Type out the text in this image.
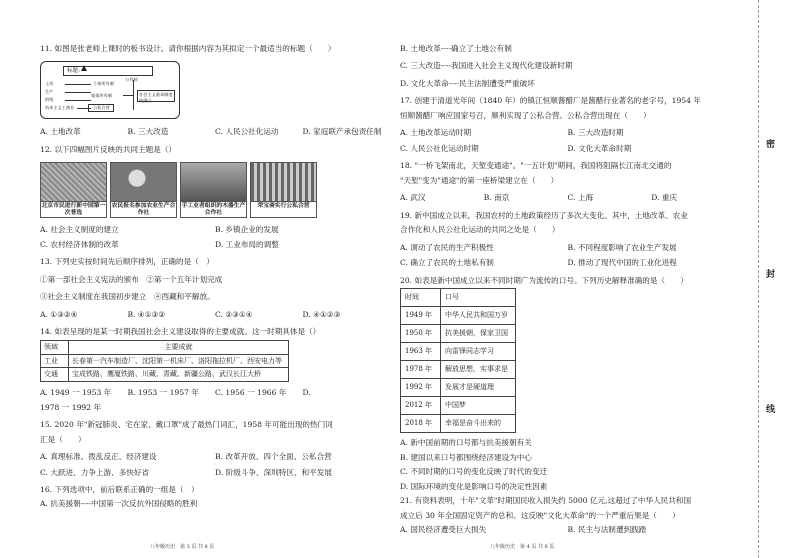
11. 如图是张老师上课时的板书设计。请你根据内容为其拟定一个最适当的标题（　　）
标题：
土改
生产
阶级
资本主义工商业
个体所有制
集体所有制
公私合营
公有制
社会主义基本制度的确立
A. 土地改革	B. 三大改造	C. 人民公社化运动	D. 家庭联产承包责任制
12. 以下四幅图片反映的共同主题是（）
北京市民进行新中国第一次普选
农民报名参加农业生产合作社
手工业者组织的木器生产合作社
荣宝斋实行公私合营
A. 社会主义制度的建立	B. 乡镇企业的发展
C. 农村经济体制的改革	D. 工业布局的调整
13. 下列史实按时间先后顺序排列，正确的是（　）
①第一部社会主义宪法的颁布　②第一个五年计划完成
③社会主义制度在我国初步建立　④西藏和平解放。
A. ①③②④	B. ④①③②	C. ②③①④	D. ④①②③
14. 如表呈现的是某一时期我国社会主义建设取得的主要成就。这一时期具体是（）
领域	主要成就
工业	长春第一汽车制造厂、沈阳第一机床厂、洛阳拖拉机厂、西安电力等
交通	宝成铁路、鹰厦铁路、川藏、青藏、新疆公路、武汉长江大桥
A. 1949 一 1953 年	B. 1953 一 1957 年	C. 1956 一 1966 年	D.
1978 一 1992 年
15. 2020 年"新冠肺炎、宅在家、戴口罩"成了最热门词汇，1958 年可能出现的热门词
汇是（　　）
A. 真理标准、拨乱反正、经济建设	B. 改革开放、四个全面、公私合营
C. 大跃进、力争上游、多快好省	D. 阶级斗争、深圳特区、和平发展
16. 下列选项中，前后联系正确的一组是（　）
A. 抗美援朝----中国第一次反抗外国侵略的胜利
八年级历史　第 3 页 共 8 页
B. 土地改革----确立了土地公有制
C. 三大改造----我国进入社会主义现代化建设新时期
D. 文化大革命----民主法制遭受严重破坏
17. 创建于清道光年间（1840 年）的镇江恒顺酱醋厂是酱醋行业著名的老字号，1954 年
恒顺酱醋厂响应国家号召，顺利实现了公私合营。公私合营出现在（　　）
A. 土地改革运动时期	B. 三大改造时期
C. 人民公社化运动时期	D. 文化大革命时期
18. "一桥飞架南北，天堑变通途"。"一五计划"期间，我国将阻隔长江南北交通的
"天堑"变为"通途"的第一座桥梁建立在（　　）
A. 武汉	B. 南京	C. 上海	D. 重庆
19. 新中国成立以来，我国农村的土地政策经历了多次大变化。其中，土地改革、农业
合作化和人民公社化运动的共同之处是（　　）
A. 调动了农民的生产积极性	B. 不同程度影响了农业生产发展
C. 确立了农民的土地私有制	D. 推动了现代中国的工业化进程
20. 如表是新中国成立以来不同时期广为流传的口号。下列历史解释准确的是（　　）
时间	口号
1949 年	中华人民共和国万岁
1950 年	抗美援朝，保家卫国
1963 年	向雷锋同志学习
1978 年	解放思想，实事求是
1992 年	发展才是硬道理
2012 年	中国梦
2018 年	幸福是奋斗出来的
A. 新中国前期的口号都与抗美援朝有关
B. 建国以来口号都围绕经济建设为中心
C. 不同时期的口号的变化反映了时代的变迁
D. 国际环境的变化是影响口号的决定性因素
21. 有资料表明，十年"文革"时期国民收入损失约 5000 亿元,这超过了中华人民共和国
成立后 30 年全国固定资产的总和。这反映"文化大革命"的一个严重后果是（　　）
A. 国民经济遭受巨大损失	B. 民主与法制遭到践踏
八年级历史　第 4 页 共 8 页
密
封
线
